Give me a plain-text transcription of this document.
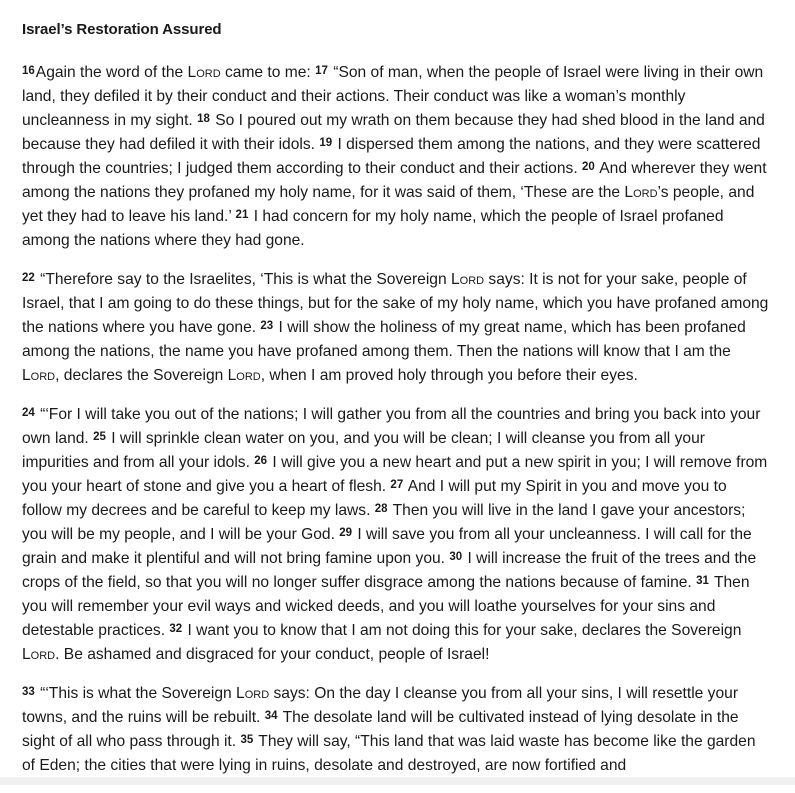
Israel’s Restoration Assured

$^{16}$Again the word of the Lord came to me: $^{17}$ “Son of man, when the people of Israel were living in their own land, they defiled it by their conduct and their actions. Their conduct was like a woman’s monthly uncleanness in my sight. $^{18}$ So I poured out my wrath on them because they had shed blood in the land and because they had defiled it with their idols. $^{19}$ I dispersed them among the nations, and they were scattered through the countries; I judged them according to their conduct and their actions. $^{20}$ And wherever they went among the nations they profaned my holy name, for it was said of them, ‘These are the Lord’s people, and yet they had to leave his land.’ $^{21}$ I had concern for my holy name, which the people of Israel profaned among the nations where they had gone.

$^{22}$ “Therefore say to the Israelites, ‘This is what the Sovereign Lord says: It is not for your sake, people of Israel, that I am going to do these things, but for the sake of my holy name, which you have profaned among the nations where you have gone. $^{23}$ I will show the holiness of my great name, which has been profaned among the nations, the name you have profaned among them. Then the nations will know that I am the Lord, declares the Sovereign Lord, when I am proved holy through you before their eyes.

$^{24}$ “‘For I will take you out of the nations; I will gather you from all the countries and bring you back into your own land. $^{25}$ I will sprinkle clean water on you, and you will be clean; I will cleanse you from all your impurities and from all your idols. $^{26}$ I will give you a new heart and put a new spirit in you; I will remove from you your heart of stone and give you a heart of flesh. $^{27}$ And I will put my Spirit in you and move you to follow my decrees and be careful to keep my laws. $^{28}$ Then you will live in the land I gave your ancestors; you will be my people, and I will be your God. $^{29}$ I will save you from all your uncleanness. I will call for the grain and make it plentiful and will not bring famine upon you. $^{30}$ I will increase the fruit of the trees and the crops of the field, so that you will no longer suffer disgrace among the nations because of famine. $^{31}$ Then you will remember your evil ways and wicked deeds, and you will loathe yourselves for your sins and detestable practices. $^{32}$ I want you to know that I am not doing this for your sake, declares the Sovereign Lord. Be ashamed and disgraced for your conduct, people of Israel!

$^{33}$ “‘This is what the Sovereign Lord says: On the day I cleanse you from all your sins, I will resettle your towns, and the ruins will be rebuilt. $^{34}$ The desolate land will be cultivated instead of lying desolate in the sight of all who pass through it. $^{35}$ They will say, “This land that was laid waste has become like the garden of Eden; the cities that were lying in ruins, desolate and destroyed, are now fortified and
